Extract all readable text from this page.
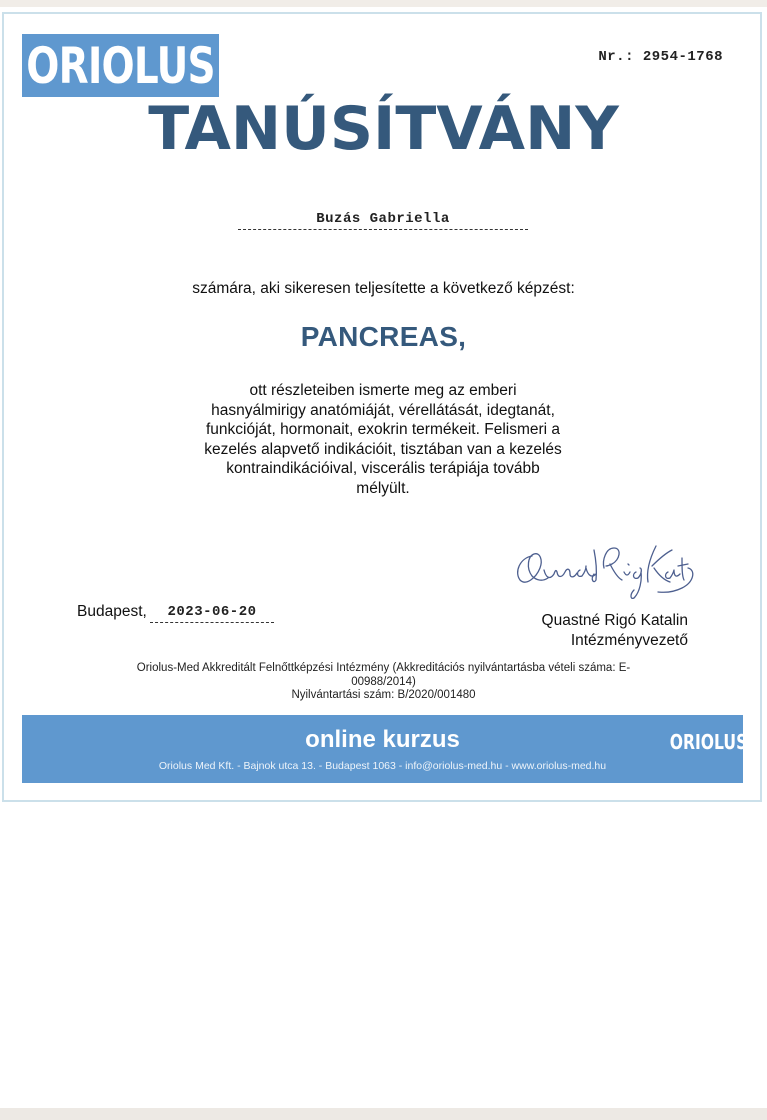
ORIOLUS	Nr.: 2954-1768
TANÚSÍTVÁNY
Buzás Gabriella
számára, aki sikeresen teljesítette a következő képzést:
PANCREAS,
ott részleteiben ismerte meg az emberi
hasnyálmirigy anatómiáját, vérellátását, idegtanát,
funkcióját, hormonait, exokrin termékeit. Felismeri a
kezelés alapvető indikációit, tisztában van a kezelés
kontraindikációival, viscerális terápiája tovább
mélyült.
Budapest,	2023-06-20	Quastné Rigó Katalin
Intézményvezető
Oriolus-Med Akkreditált Felnőttképzési Intézmény (Akkreditációs nyilvántartásba vételi száma: E-
00988/2014)
Nyilvántartási szám: B/2020/001480
online kurzus	ORIOLUS
Oriolus Med Kft. - Bajnok utca 13. - Budapest 1063 - info@oriolus-med.hu - www.oriolus-med.hu
